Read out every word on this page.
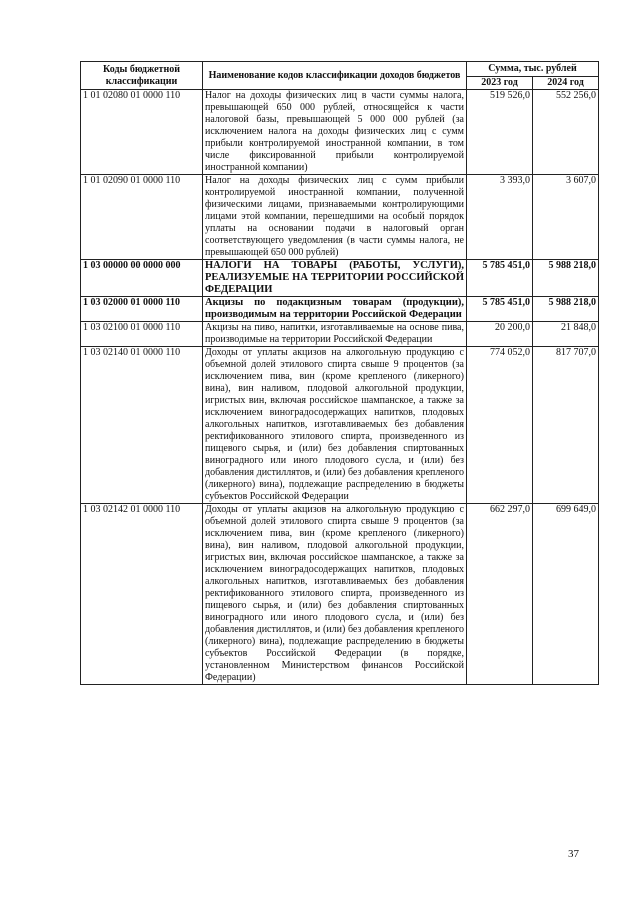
Коды бюджетной классификации	Наименование кодов классификации доходов бюджетов	Сумма, тыс. рублей	
		2023 год	2024 год
1 01 02080 01 0000 110	Налог на доходы физических лиц в части суммы налога, превышающей 650 000 рублей, относящейся к части налоговой базы, превышающей 5 000 000 рублей (за исключением налога на доходы физических лиц с сумм прибыли контролируемой иностранной компании, в том числе фиксированной прибыли контролируемой иностранной компании)	519 526,0	552 256,0
1 01 02090 01 0000 110	Налог на доходы физических лиц с сумм прибыли контролируемой иностранной компании, полученной физическими лицами, признаваемыми контролирующими лицами этой компании, перешедшими на особый порядок уплаты на основании подачи в налоговый орган соответствующего уведомления (в части суммы налога, не превышающей 650 000 рублей)	3 393,0	3 607,0
1 03 00000 00 0000 000	НАЛОГИ НА ТОВАРЫ (РАБОТЫ, УСЛУГИ), РЕАЛИЗУЕМЫЕ НА ТЕРРИТОРИИ РОССИЙСКОЙ ФЕДЕРАЦИИ	5 785 451,0	5 988 218,0
1 03 02000 01 0000 110	Акцизы по подакцизным товарам (продукции), производимым на территории Российской Федерации	5 785 451,0	5 988 218,0
1 03 02100 01 0000 110	Акцизы на пиво, напитки, изготавливаемые на основе пива, производимые на территории Российской Федерации	20 200,0	21 848,0
1 03 02140 01 0000 110	Доходы от уплаты акцизов на алкогольную продукцию с объемной долей этилового спирта свыше 9 процентов (за исключением пива, вин (кроме крепленого (ликерного) вина), вин наливом, плодовой алкогольной продукции, игристых вин, включая российское шампанское, а также за исключением виноградосодержащих напитков, плодовых алкогольных напитков, изготавливаемых без добавления ректификованного этилового спирта, произведенного из пищевого сырья, и (или) без добавления спиртованных виноградного или иного плодового сусла, и (или) без добавления дистиллятов, и (или) без добавления крепленого (ликерного) вина), подлежащие распределению в бюджеты субъектов Российской Федерации	774 052,0	817 707,0
1 03 02142 01 0000 110	Доходы от уплаты акцизов на алкогольную продукцию с объемной долей этилового спирта свыше 9 процентов (за исключением пива, вин (кроме крепленого (ликерного) вина), вин наливом, плодовой алкогольной продукции, игристых вин, включая российское шампанское, а также за исключением виноградосодержащих напитков, плодовых алкогольных напитков, изготавливаемых без добавления ректификованного этилового спирта, произведенного из пищевого сырья, и (или) без добавления спиртованных виноградного или иного плодового сусла, и (или) без добавления дистиллятов, и (или) без добавления крепленого (ликерного) вина), подлежащие распределению в бюджеты субъектов Российской Федерации (в порядке, установленном Министерством финансов Российской Федерации)	662 297,0	699 649,0
37
